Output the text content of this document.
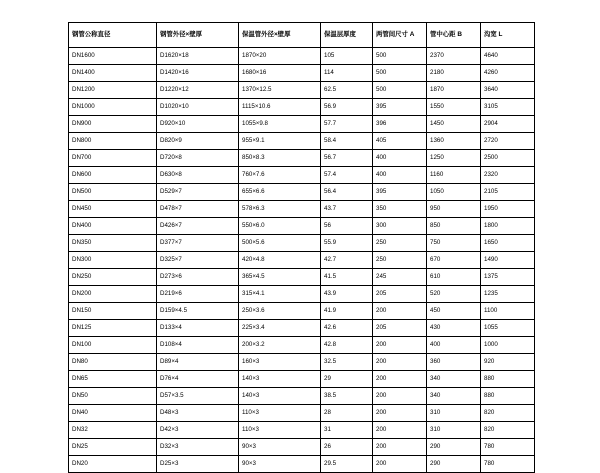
钢管公称直径	钢管外径×壁厚	保温管外径×壁厚	保温层厚度	两管间尺寸 A	管中心距 B	沟宽 L
DN1600	D1620×18	1870×20	105	500	2370	4640
DN1400	D1420×16	1680×16	114	500	2180	4260
DN1200	D1220×12	1370×12.5	62.5	500	1870	3640
DN1000	D1020×10	1115×10.6	56.9	395	1550	3105
DN900	D920×10	1055×9.8	57.7	396	1450	2904
DN800	D820×9	955×9.1	58.4	405	1360	2720
DN700	D720×8	850×8.3	56.7	400	1250	2500
DN600	D630×8	760×7.6	57.4	400	1160	2320
DN500	D529×7	655×6.6	56.4	395	1050	2105
DN450	D478×7	578×6.3	43.7	350	950	1950
DN400	D426×7	550×6.0	56	300	850	1800
DN350	D377×7	500×5.6	55.9	250	750	1650
DN300	D325×7	420×4.8	42.7	250	670	1490
DN250	D273×6	365×4.5	41.5	245	610	1375
DN200	D219×6	315×4.1	43.9	205	520	1235
DN150	D159×4.5	250×3.6	41.9	200	450	1100
DN125	D133×4	225×3.4	42.6	205	430	1055
DN100	D108×4	200×3.2	42.8	200	400	1000
DN80	D89×4	160×3	32.5	200	360	920
DN65	D76×4	140×3	29	200	340	880
DN50	D57×3.5	140×3	38.5	200	340	880
DN40	D48×3	110×3	28	200	310	820
DN32	D42×3	110×3	31	200	310	820
DN25	D32×3	90×3	26	200	290	780
DN20	D25×3	90×3	29.5	200	290	780
